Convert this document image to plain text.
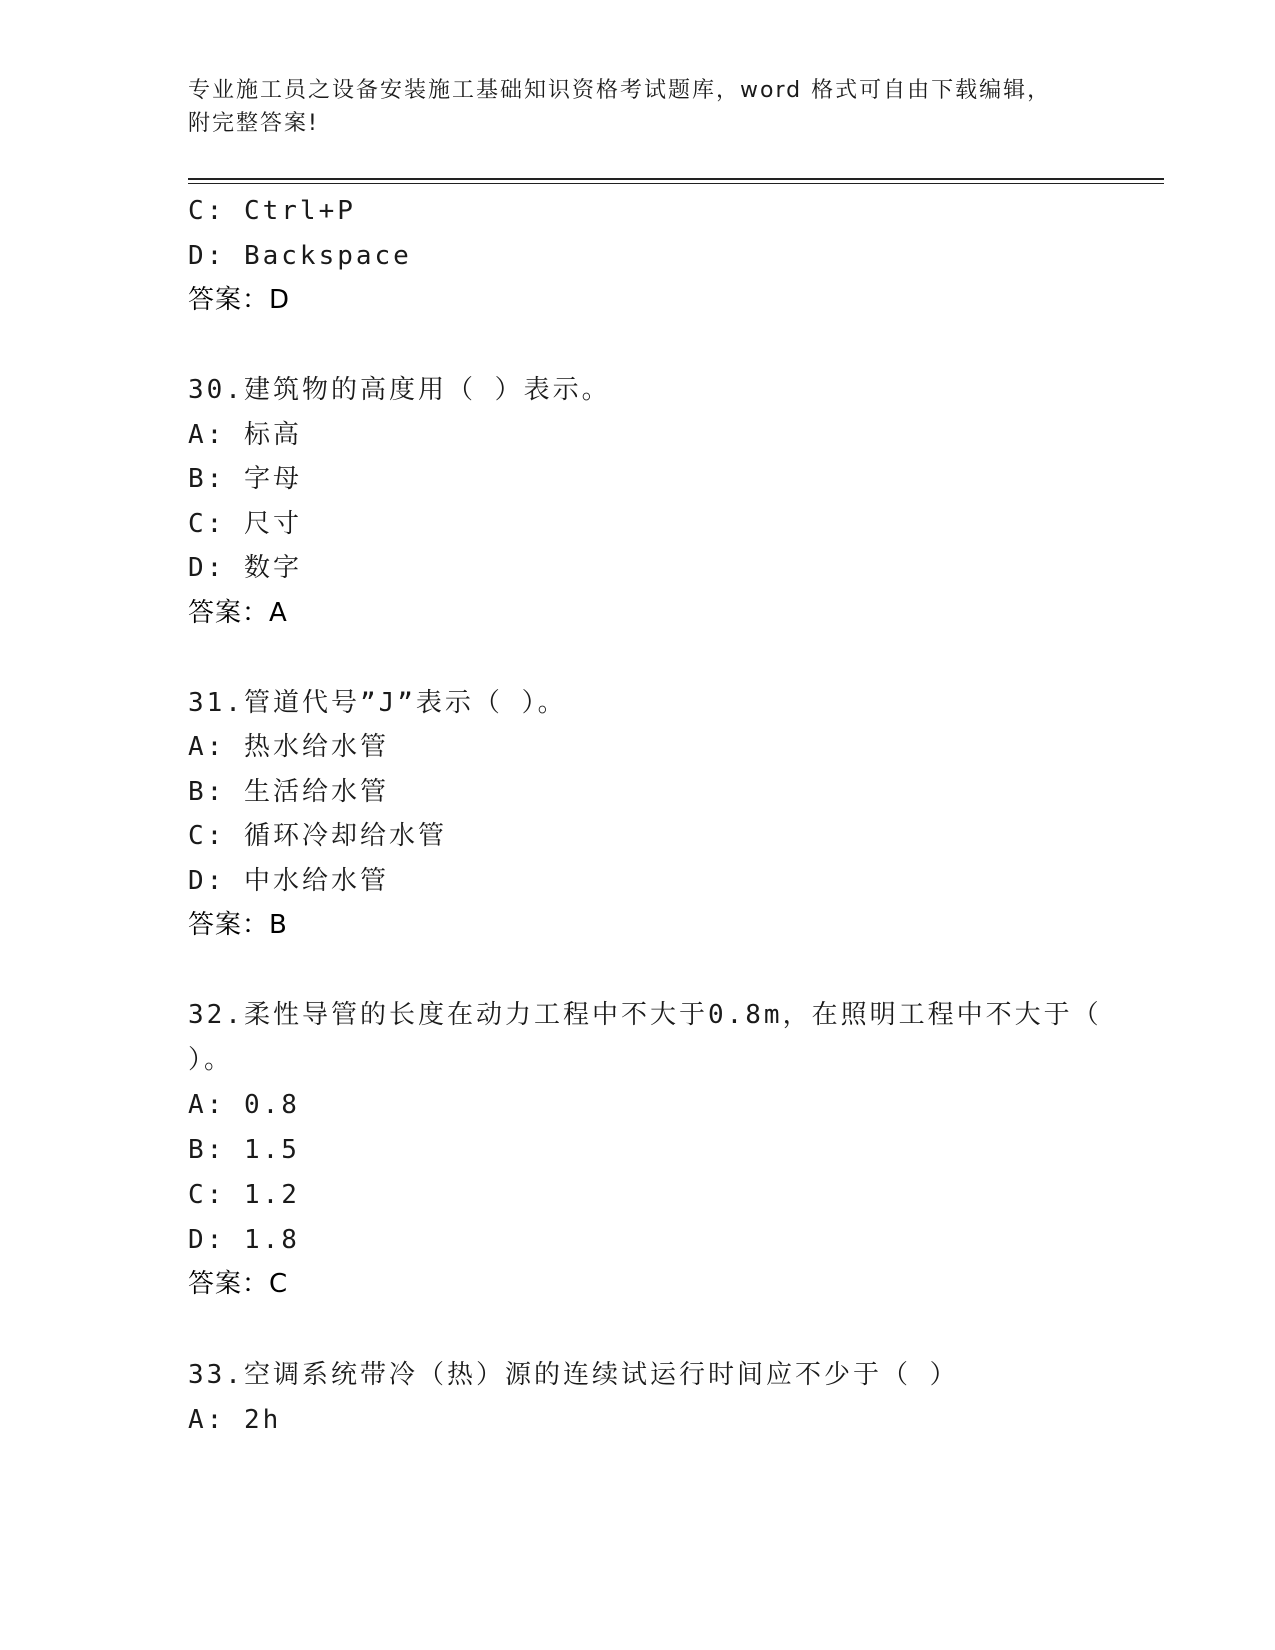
专业施工员之设备安装施工基础知识资格考试题库，word 格式可自由下载编辑，
附完整答案!
C: Ctrl+P
D: Backspace
答案：D
30.建筑物的高度用（ ）表示。
A: 标高
B: 字母
C: 尺寸
D: 数字
答案：A
31.管道代号”J”表示（ ）。
A: 热水给水管
B: 生活给水管
C: 循环冷却给水管
D: 中水给水管
答案：B
32.柔性导管的长度在动力工程中不大于0.8m，在照明工程中不大于（
）。
A: 0.8
B: 1.5
C: 1.2
D: 1.8
答案：C
33.空调系统带冷（热）源的连续试运行时间应不少于（ ）
A: 2h
